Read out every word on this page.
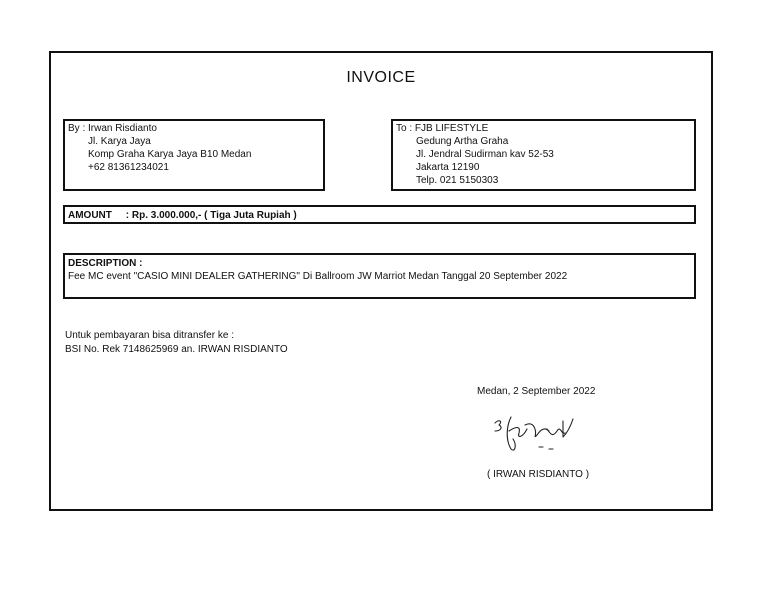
INVOICE
By : Irwan Risdianto
Jl. Karya Jaya
Komp Graha Karya Jaya B10 Medan
+62 81361234021
To : FJB LIFESTYLE
Gedung Artha Graha
Jl. Jendral Sudirman kav 52-53
Jakarta 12190
Telp. 021 5150303
AMOUNT     : Rp. 3.000.000,- ( Tiga Juta Rupiah )
DESCRIPTION :
Fee MC event "CASIO MINI DEALER GATHERING" Di Ballroom JW Marriot Medan Tanggal 20 September 2022
Untuk pembayaran bisa ditransfer ke :
BSI No. Rek 7148625969 an. IRWAN RISDIANTO
Medan, 2 September 2022
( IRWAN RISDIANTO )
